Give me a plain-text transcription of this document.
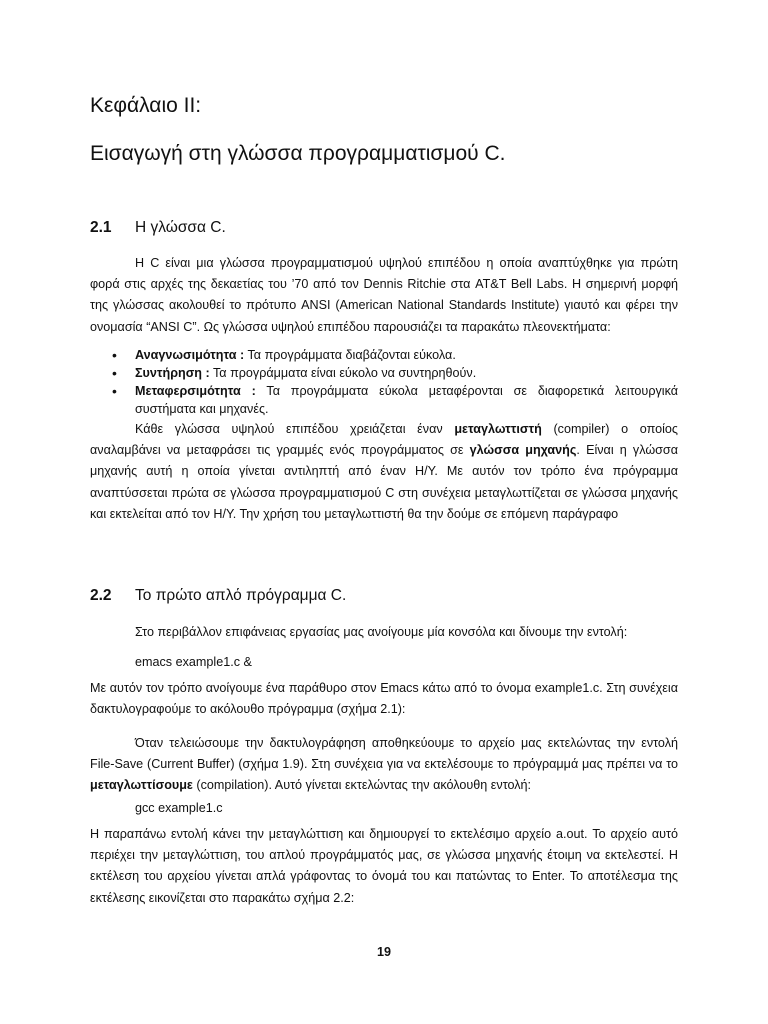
Κεφάλαιο ΙΙ:
Εισαγωγή στη γλώσσα προγραμματισμού C.
2.1 Η γλώσσα C.

Η C είναι μια γλώσσα προγραμματισμού υψηλού επιπέδου η οποία αναπτύχθηκε για πρώτη φορά στις αρχές της δεκαετίας του ’70 από τον Dennis Ritchie στα AT&T Bell Labs. Η σημερινή μορφή της γλώσσας ακολουθεί το πρότυπο ANSI (American National Standards Institute) γιαυτό και φέρει την ονομασία “ANSI C”. Ως γλώσσα υψηλού επιπέδου παρουσιάζει τα παρακάτω πλεονεκτήματα:

• Αναγνωσιμότητα : Τα προγράμματα διαβάζονται εύκολα.
• Συντήρηση : Τα προγράμματα είναι εύκολο να συντηρηθούν.
• Μεταφερσιμότητα : Τα προγράμματα εύκολα μεταφέρονται σε διαφορετικά λειτουργικά συστήματα και μηχανές.

Κάθε γλώσσα υψηλού επιπέδου χρειάζεται έναν μεταγλωττιστή (compiler) ο οποίος αναλαμβάνει να μεταφράσει τις γραμμές ενός προγράμματος σε γλώσσα μηχανής. Είναι η γλώσσα μηχανής αυτή η οποία γίνεται αντιληπτή από έναν Η/Υ. Με αυτόν τον τρόπο ένα πρόγραμμα αναπτύσσεται πρώτα σε γλώσσα προγραμματισμού C στη συνέχεια μεταγλωττίζεται σε γλώσσα μηχανής και εκτελείται από τον Η/Υ. Την χρήση του μεταγλωττιστή θα την δούμε σε επόμενη παράγραφο

2.2 Το πρώτο απλό πρόγραμμα C.

Στο περιβάλλον επιφάνειας εργασίας μας ανοίγουμε μία κονσόλα και δίνουμε την εντολή:

emacs example1.c &

Με αυτόν τον τρόπο ανοίγουμε ένα παράθυρο στον Emacs κάτω από το όνομα example1.c. Στη συνέχεια δακτυλογραφούμε το ακόλουθο πρόγραμμα (σχήμα 2.1):

Όταν τελειώσουμε την δακτυλογράφηση αποθηκεύουμε το αρχείο μας εκτελώντας την εντολή File-Save (Current Buffer) (σχήμα 1.9). Στη συνέχεια για να εκτελέσουμε το πρόγραμμά μας πρέπει να το μεταγλωττίσουμε (compilation). Αυτό γίνεται εκτελώντας την ακόλουθη εντολή:

gcc example1.c

Η παραπάνω εντολή κάνει την μεταγλώττιση και δημιουργεί το εκτελέσιμο αρχείο a.out. Το αρχείο αυτό περιέχει την μεταγλώττιση, του απλού προγράμματός μας, σε γλώσσα μηχανής έτοιμη να εκτελεστεί. Η εκτέλεση του αρχείου γίνεται απλά γράφοντας το όνομά του και πατώντας το Enter. Το αποτέλεσμα της εκτέλεσης εικονίζεται στο παρακάτω σχήμα 2.2:

19
